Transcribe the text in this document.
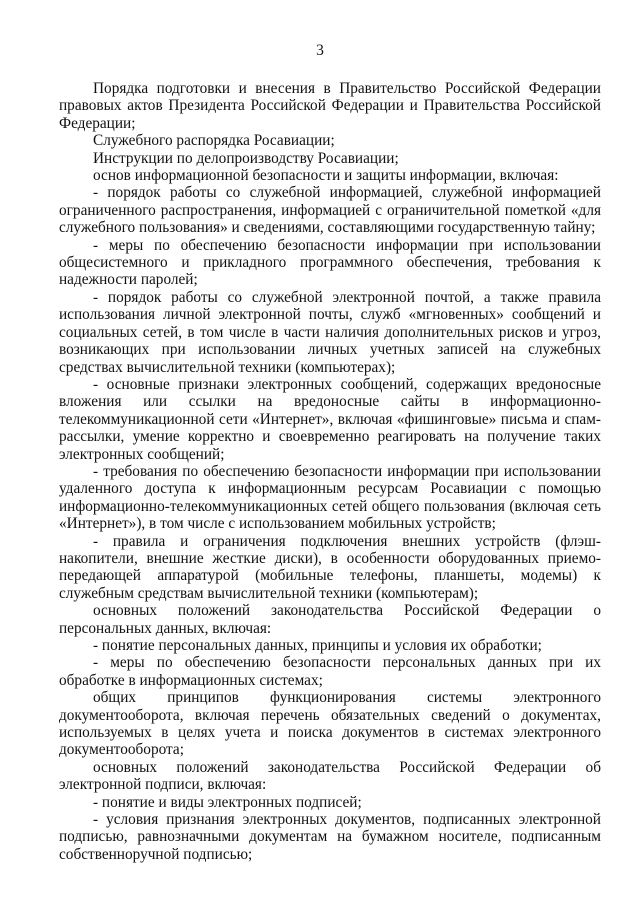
3

Порядка подготовки и внесения в Правительство Российской Федерации правовых актов Президента Российской Федерации и Правительства Российской Федерации;

Служебного распорядка Росавиации;

Инструкции по делопроизводству Росавиации;

основ информационной безопасности и защиты информации, включая:

- порядок работы со служебной информацией, служебной информацией ограниченного распространения, информацией с ограничительной пометкой «для служебного пользования» и сведениями, составляющими государственную тайну;

- меры по обеспечению безопасности информации при использовании общесистемного и прикладного программного обеспечения, требования к надежности паролей;

- порядок работы со служебной электронной почтой, а также правила использования личной электронной почты, служб «мгновенных» сообщений и социальных сетей, в том числе в части наличия дополнительных рисков и угроз, возникающих при использовании личных учетных записей на служебных средствах вычислительной техники (компьютерах);

- основные признаки электронных сообщений, содержащих вредоносные вложения или ссылки на вредоносные сайты в информационно-телекоммуникационной сети «Интернет», включая «фишинговые» письма и спам-рассылки, умение корректно и своевременно реагировать на получение таких электронных сообщений;

- требования по обеспечению безопасности информации при использовании удаленного доступа к информационным ресурсам Росавиации с помощью информационно-телекоммуникационных сетей общего пользования (включая сеть «Интернет»), в том числе с использованием мобильных устройств;

- правила и ограничения подключения внешних устройств (флэш-накопители, внешние жесткие диски), в особенности оборудованных приемо-передающей аппаратурой (мобильные телефоны, планшеты, модемы) к служебным средствам вычислительной техники (компьютерам);

основных положений законодательства Российской Федерации о персональных данных, включая:

- понятие персональных данных, принципы и условия их обработки;

- меры по обеспечению безопасности персональных данных при их обработке в информационных системах;

общих принципов функционирования системы электронного документооборота, включая перечень обязательных сведений о документах, используемых в целях учета и поиска документов в системах электронного документооборота;

основных положений законодательства Российской Федерации об электронной подписи, включая:

- понятие и виды электронных подписей;

- условия признания электронных документов, подписанных электронной подписью, равнозначными документам на бумажном носителе, подписанным собственноручной подписью;
